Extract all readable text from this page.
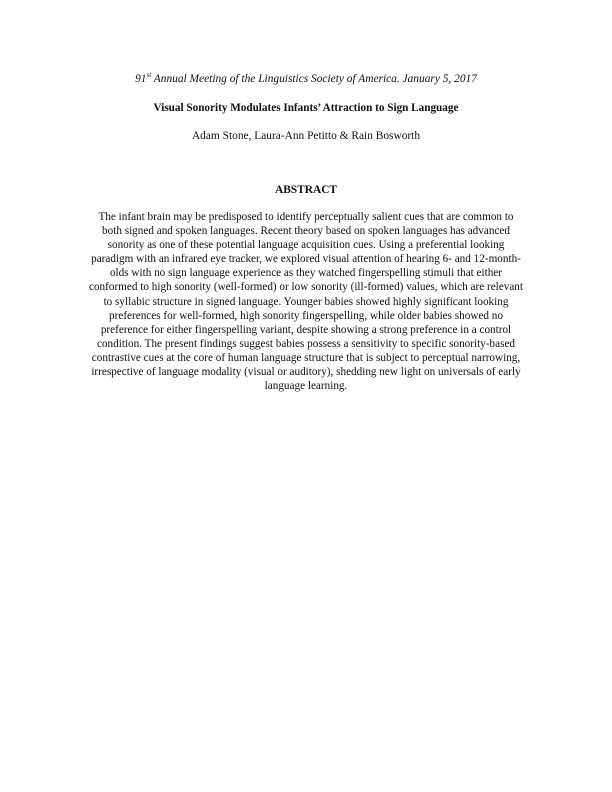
91st Annual Meeting of the Linguistics Society of America. January 5, 2017
Visual Sonority Modulates Infants’ Attraction to Sign Language
Adam Stone, Laura-Ann Petitto & Rain Bosworth
ABSTRACT
The infant brain may be predisposed to identify perceptually salient cues that are common to
both signed and spoken languages. Recent theory based on spoken languages has advanced
sonority as one of these potential language acquisition cues. Using a preferential looking
paradigm with an infrared eye tracker, we explored visual attention of hearing 6- and 12-month-
olds with no sign language experience as they watched fingerspelling stimuli that either
conformed to high sonority (well-formed) or low sonority (ill-formed) values, which are relevant
to syllabic structure in signed language. Younger babies showed highly significant looking
preferences for well-formed, high sonority fingerspelling, while older babies showed no
preference for either fingerspelling variant, despite showing a strong preference in a control
condition. The present findings suggest babies possess a sensitivity to specific sonority-based
contrastive cues at the core of human language structure that is subject to perceptual narrowing,
irrespective of language modality (visual or auditory), shedding new light on universals of early
language learning.
